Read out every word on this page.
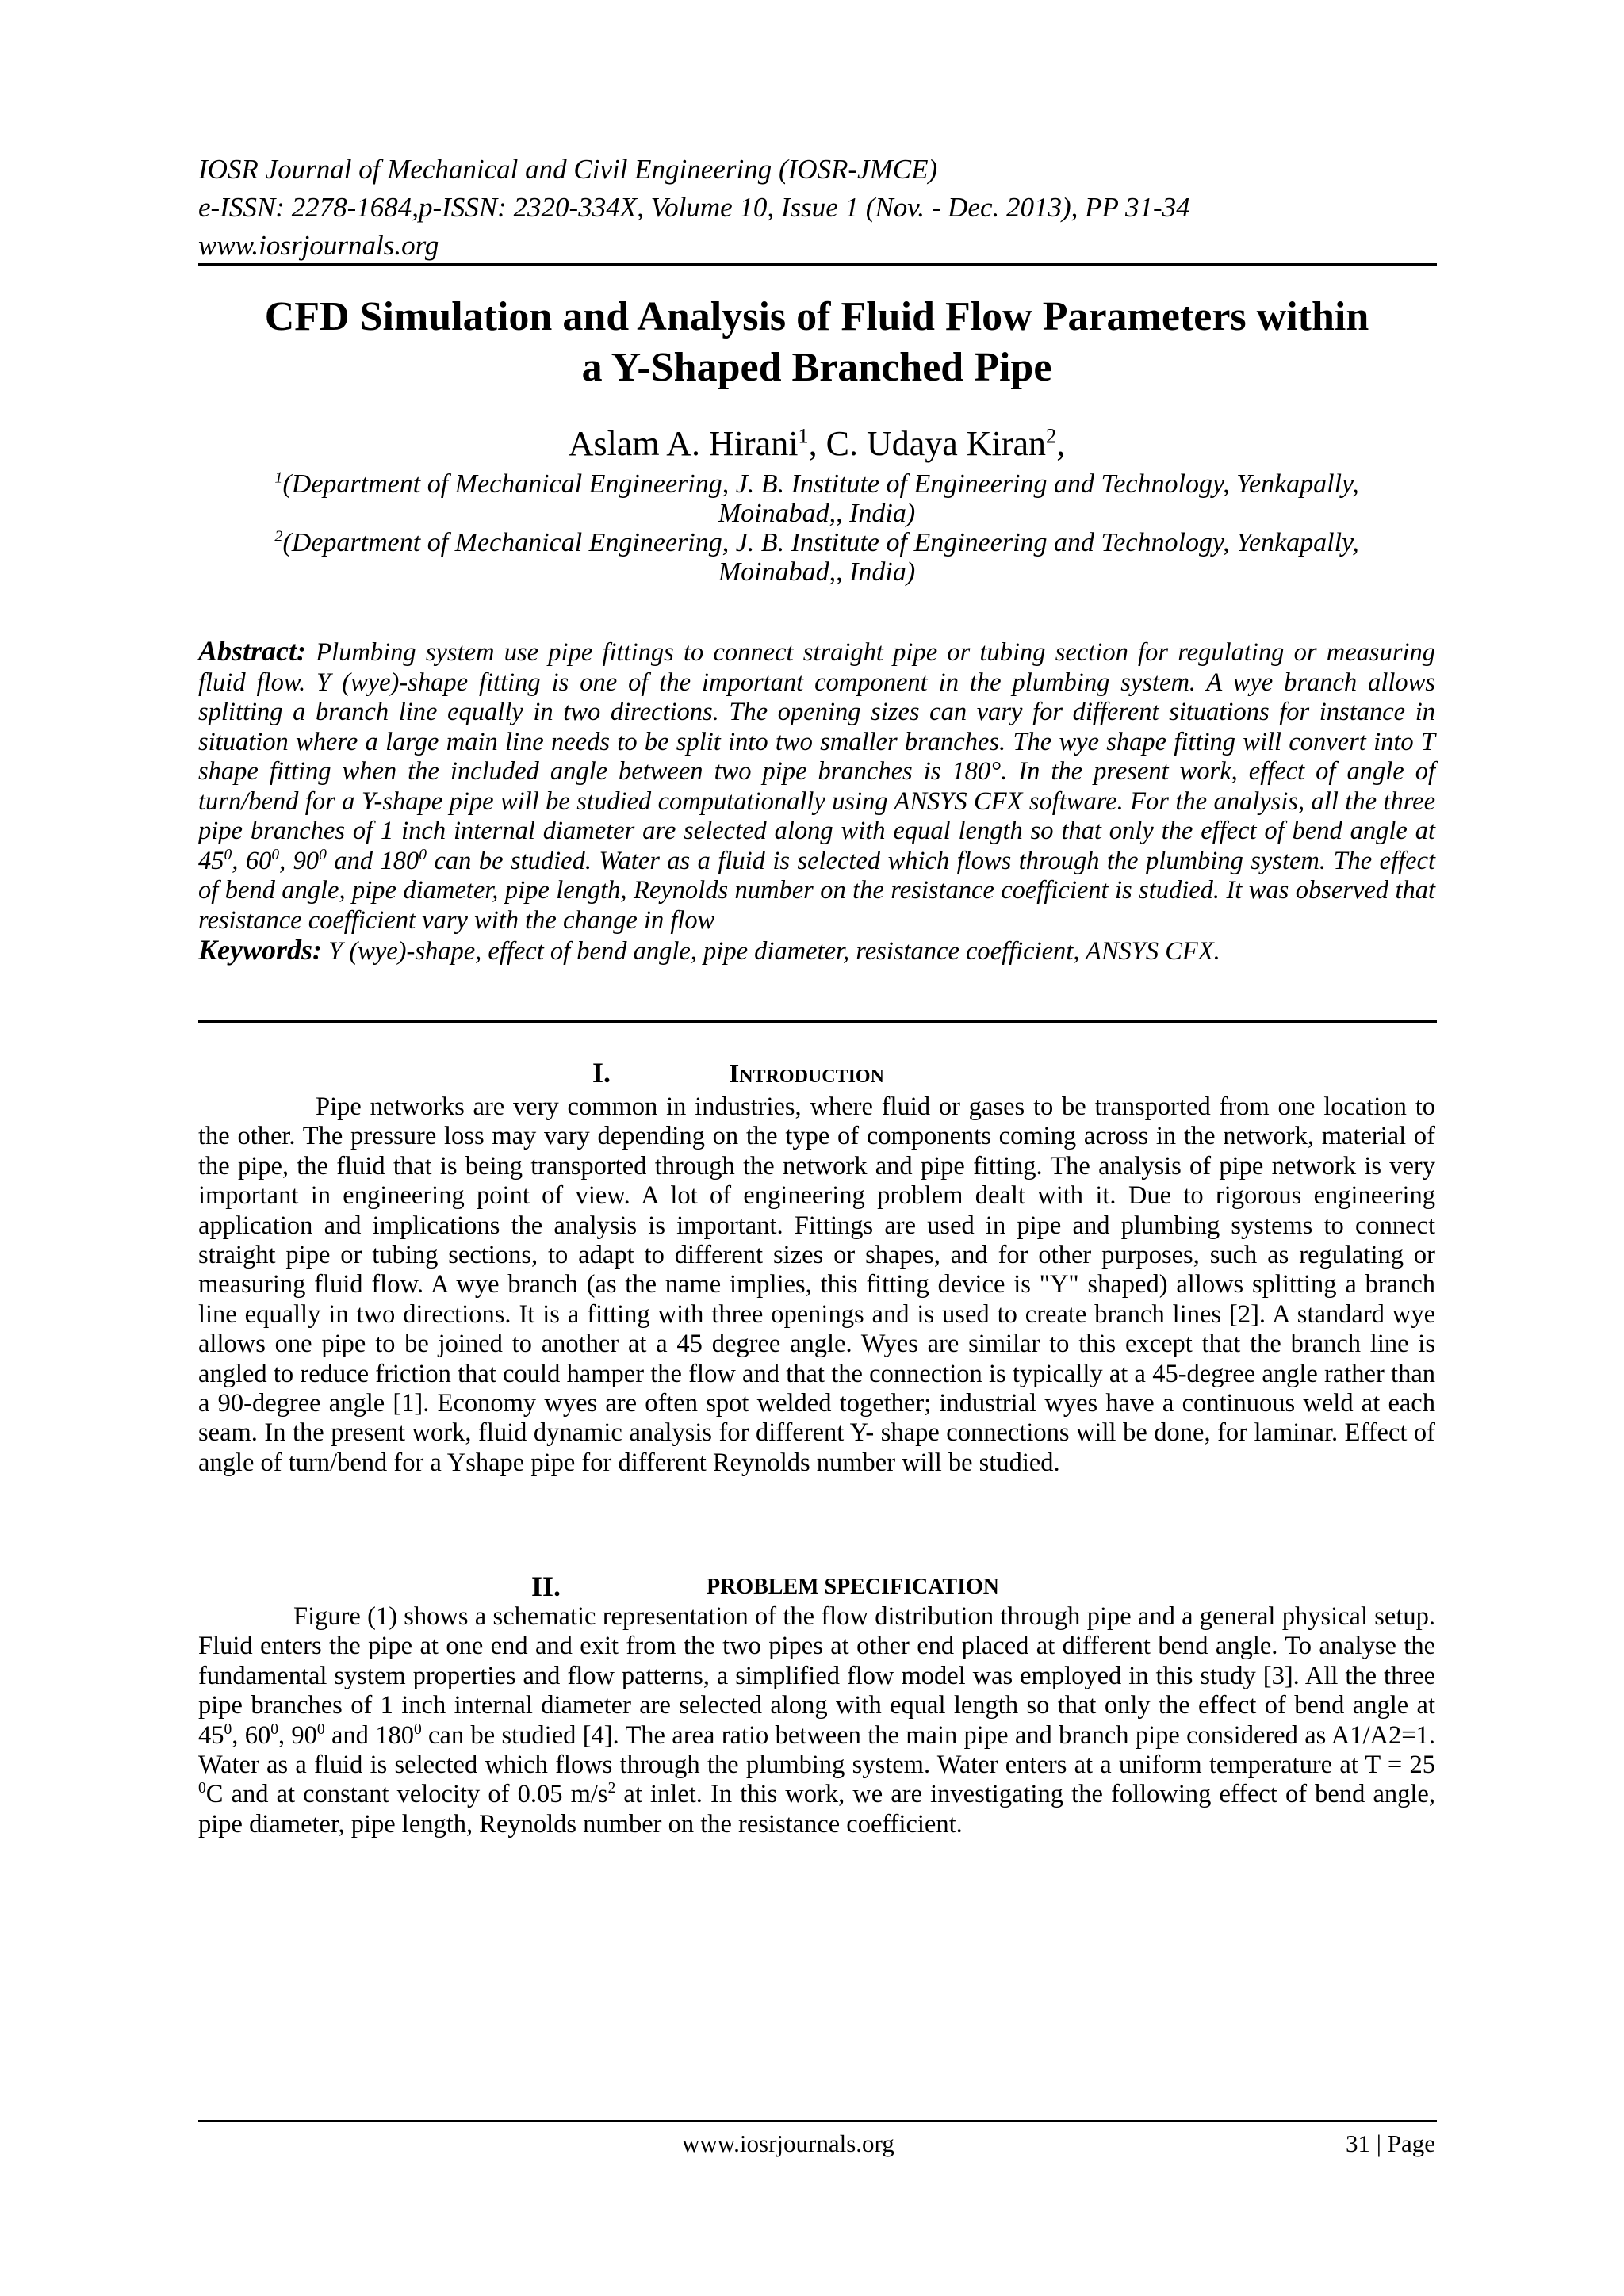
IOSR Journal of Mechanical and Civil Engineering (IOSR-JMCE)
e-ISSN: 2278-1684,p-ISSN: 2320-334X, Volume 10, Issue 1 (Nov. - Dec. 2013), PP 31-34
www.iosrjournals.org
CFD Simulation and Analysis of Fluid Flow Parameters within
a Y-Shaped Branched Pipe
Aslam A. Hirani$^1$, C. Udaya Kiran$^2$,
$^1$(Department of Mechanical Engineering, J. B. Institute of Engineering and Technology, Yenkapally,
Moinabad,, India)
$^2$(Department of Mechanical Engineering, J. B. Institute of Engineering and Technology, Yenkapally,
Moinabad,, India)
Abstract: Plumbing system use pipe fittings to connect straight pipe or tubing section for regulating or measuring fluid flow. Y (wye)-shape fitting is one of the important component in the plumbing system. A wye branch allows splitting a branch line equally in two directions. The opening sizes can vary for different situations for instance in situation where a large main line needs to be split into two smaller branches. The wye shape fitting will convert into T shape fitting when the included angle between two pipe branches is 180°. In the present work, effect of angle of turn/bend for a Y-shape pipe will be studied computationally using ANSYS CFX software. For the analysis, all the three pipe branches of 1 inch internal diameter are selected along with equal length so that only the effect of bend angle at $45^0$, $60^0$, $90^0$ and $180^0$ can be studied. Water as a fluid is selected which flows through the plumbing system. The effect of bend angle, pipe diameter, pipe length, Reynolds number on the resistance coefficient is studied. It was observed that resistance coefficient vary with the change in flow
Keywords: Y (wye)-shape, effect of bend angle, pipe diameter, resistance coefficient, ANSYS CFX.
I.	Introduction

Pipe networks are very common in industries, where fluid or gases to be transported from one location to the other. The pressure loss may vary depending on the type of components coming across in the network, material of the pipe, the fluid that is being transported through the network and pipe fitting. The analysis of pipe network is very important in engineering point of view. A lot of engineering problem dealt with it. Due to rigorous engineering application and implications the analysis is important. Fittings are used in pipe and plumbing systems to connect straight pipe or tubing sections, to adapt to different sizes or shapes, and for other purposes, such as regulating or measuring fluid flow. A wye branch (as the name implies, this fitting device is "Y" shaped) allows splitting a branch line equally in two directions. It is a fitting with three openings and is used to create branch lines [2]. A standard wye allows one pipe to be joined to another at a 45 degree angle. Wyes are similar to this except that the branch line is angled to reduce friction that could hamper the flow and that the connection is typically at a 45-degree angle rather than a 90-degree angle [1]. Economy wyes are often spot welded together; industrial wyes have a continuous weld at each seam. In the present work, fluid dynamic analysis for different Y- shape connections will be done, for laminar. Effect of angle of turn/bend for a Yshape pipe for different Reynolds number will be studied.

II.	PROBLEM SPECIFICATION

Figure (1) shows a schematic representation of the flow distribution through pipe and a general physical setup. Fluid enters the pipe at one end and exit from the two pipes at other end placed at different bend angle. To analyse the fundamental system properties and flow patterns, a simplified flow model was employed in this study [3]. All the three pipe branches of 1 inch internal diameter are selected along with equal length so that only the effect of bend angle at $45^0$, $60^0$, $90^0$ and $180^0$ can be studied [4]. The area ratio between the main pipe and branch pipe considered as A1/A2=1. Water as a fluid is selected which flows through the plumbing system. Water enters at a uniform temperature at T = 25 $^0$C and at constant velocity of 0.05 $m/s^2$ at inlet. In this work, we are investigating the following effect of bend angle, pipe diameter, pipe length, Reynolds number on the resistance coefficient.

www.iosrjournals.org	31 | Page
